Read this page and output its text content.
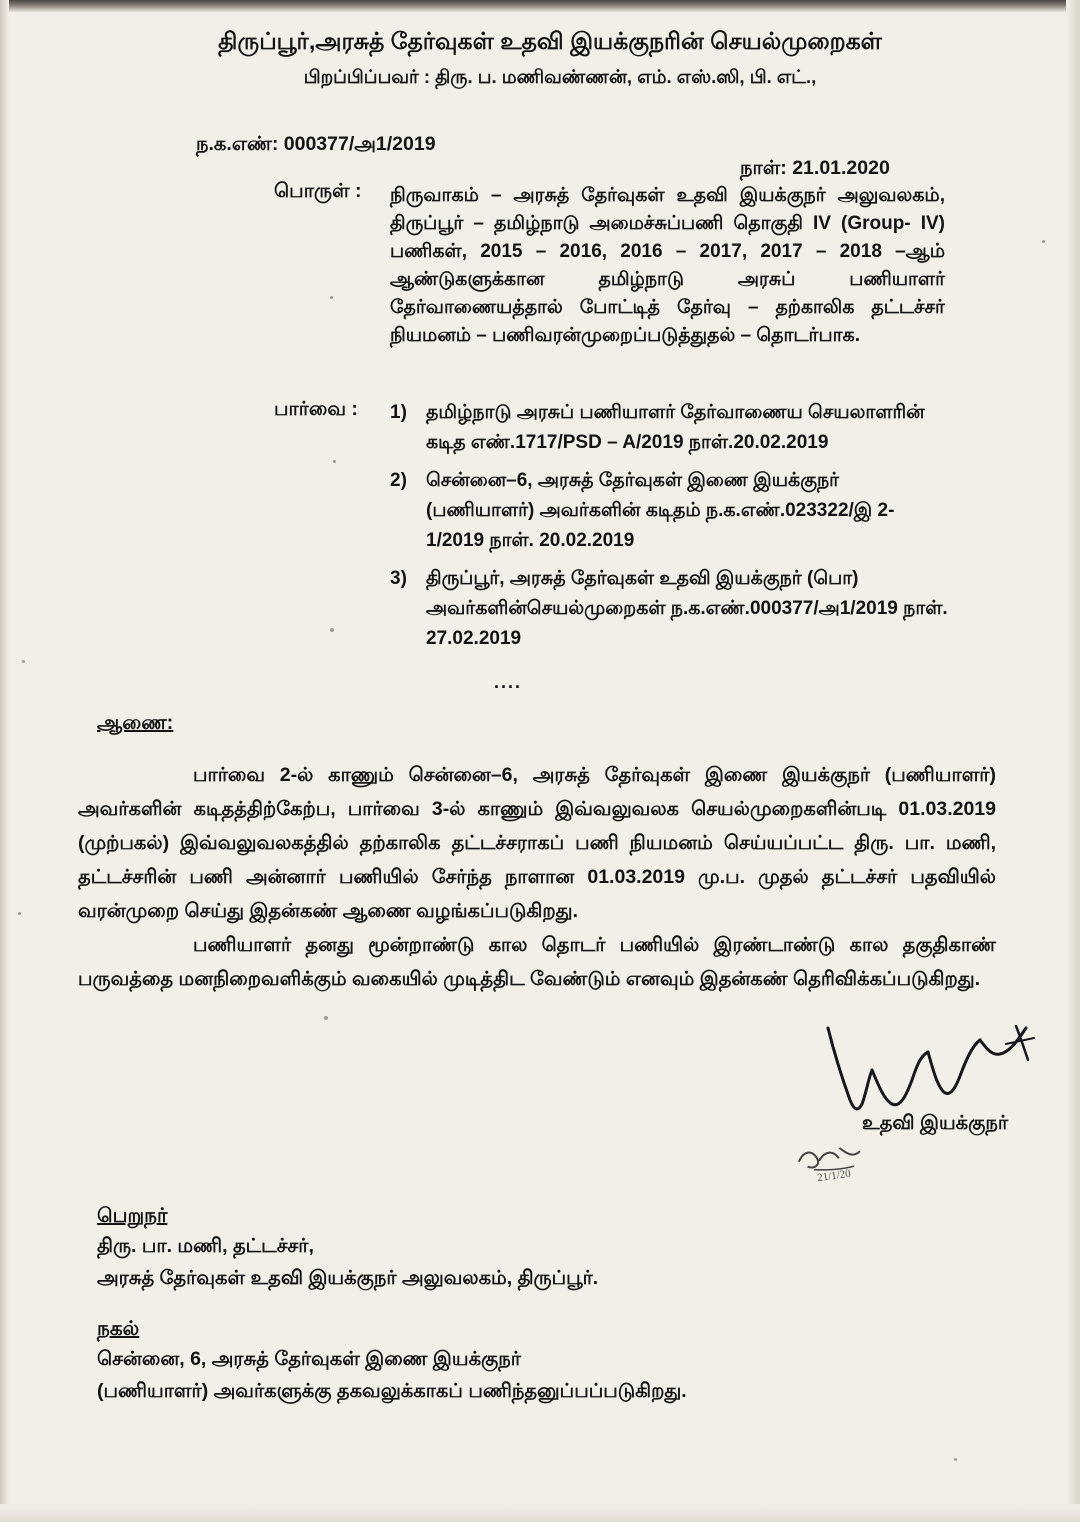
திருப்பூர்,அரசுத் தேர்வுகள் உதவி இயக்குநரின் செயல்முறைகள்
பிறப்பிப்பவர் : திரு. ப. மணிவண்ணன், எம். எஸ்.ஸி, பி. எட்.,
ந.க.எண்: 000377/அ1/2019
நாள்: 21.01.2020
பொருள் : நிருவாகம் – அரசுத் தேர்வுகள் உதவி இயக்குநர் அலுவலகம், திருப்பூர் – தமிழ்நாடு அமைச்சுப்பணி தொகுதி IV (Group- IV) பணிகள், 2015 – 2016, 2016 – 2017, 2017 – 2018 –ஆம் ஆண்டுகளுக்கான தமிழ்நாடு அரசுப் பணியாளர் தேர்வாணையத்தால் போட்டித் தேர்வு – தற்காலிக தட்டச்சர் நியமனம் – பணிவரன்முறைப்படுத்துதல் – தொடர்பாக.
பார்வை : 1) தமிழ்நாடு அரசுப் பணியாளர் தேர்வாணைய செயலாளரின் கடித எண்.1717/PSD – A/2019 நாள்.20.02.2019
2) சென்னை–6, அரசுத் தேர்வுகள் இணை இயக்குநர் (பணியாளர்) அவர்களின் கடிதம் ந.க.எண்.023322/இ 2-1/2019 நாள். 20.02.2019
3) திருப்பூர், அரசுத் தேர்வுகள் உதவி இயக்குநர் (பொ) அவர்களின்செயல்முறைகள் ந.க.எண்.000377/அ1/2019 நாள். 27.02.2019
....
ஆணை:
பார்வை 2-ல் காணும் சென்னை–6, அரசுத் தேர்வுகள் இணை இயக்குநர் (பணியாளர்) அவர்களின் கடிதத்திற்கேற்ப, பார்வை 3-ல் காணும் இவ்வலுவலக செயல்முறைகளின்படி 01.03.2019 (முற்பகல்) இவ்வலுவலகத்தில் தற்காலிக தட்டச்சராகப் பணி நியமனம் செய்யப்பட்ட திரு. பா. மணி, தட்டச்சரின் பணி அன்னார் பணியில் சேர்ந்த நாளான 01.03.2019 மு.ப. முதல் தட்டச்சர் பதவியில் வரன்முறை செய்து இதன்கண் ஆணை வழங்கப்படுகிறது.
பணியாளர் தனது மூன்றாண்டு கால தொடர் பணியில் இரண்டாண்டு கால தகுதிகாண் பருவத்தை மனநிறைவளிக்கும் வகையில் முடித்திட வேண்டும் எனவும் இதன்கண் தெரிவிக்கப்படுகிறது.
21/1/20
உதவி இயக்குநர்
பெறுநர்
திரு. பா. மணி, தட்டச்சர்,
அரசுத் தேர்வுகள் உதவி இயக்குநர் அலுவலகம், திருப்பூர்.
நகல்
சென்னை, 6, அரசுத் தேர்வுகள் இணை இயக்குநர்
(பணியாளர்) அவர்களுக்கு தகவலுக்காகப் பணிந்தனுப்பப்படுகிறது.
